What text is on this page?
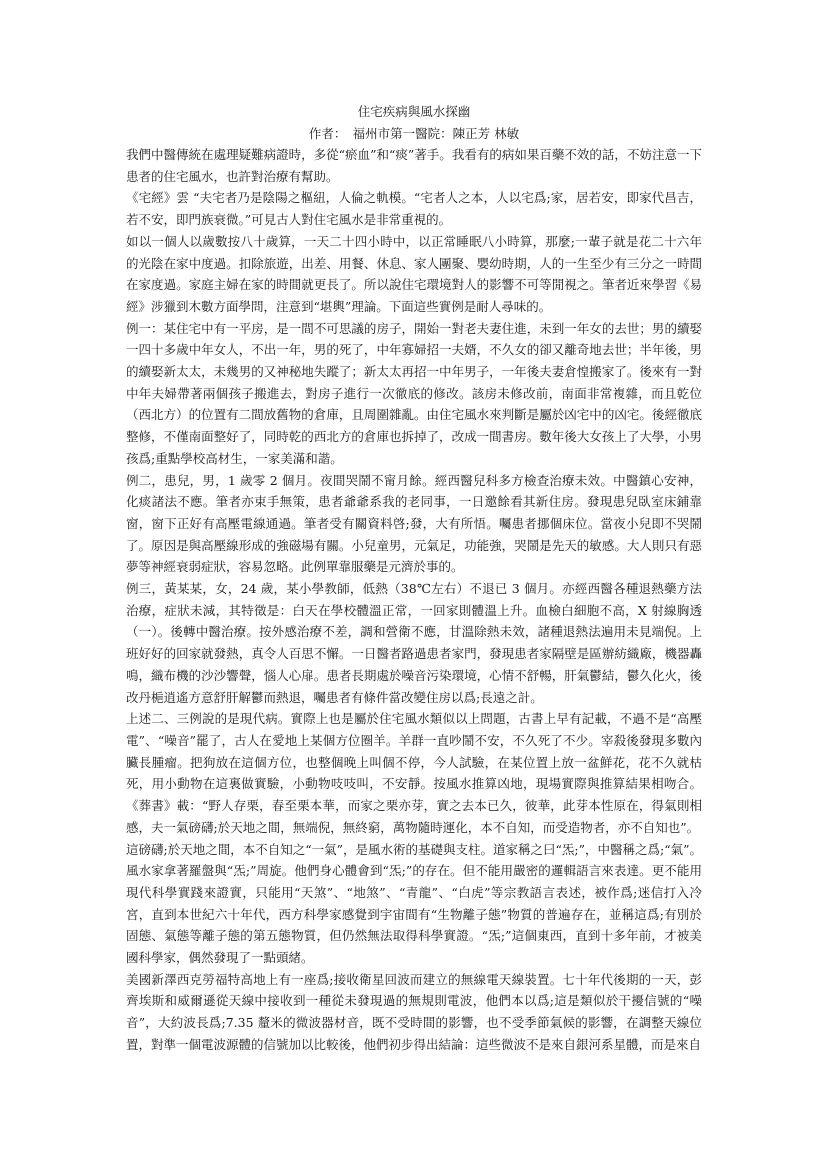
住宅疾病與風水探幽

作者：　福州市第一醫院：陳正芳 林敏

我們中醫傳統在處理疑難病證時，多從“瘀血”和“痰”著手。我看有的病如果百藥不效的話，不妨注意一下患者的住宅風水，也許對治療有幫助。

《宅經》雲 “夫宅者乃是陰陽之樞紐，人倫之軌模。“宅者人之本，人以宅爲;家，居若安，即家代昌吉，若不安，即門族衰微。”可見古人對住宅風水是非常重視的。

如以一個人以歲數按八十歲算，一天二十四小時中，以正常睡眠八小時算，那麼;一輩子就是花二十六年的光陰在家中度過。扣除旅遊，出差、用餐、休息、家人團聚、嬰幼時期，人的一生至少有三分之一時間在家度過。家庭主婦在家的時間就更長了。所以說住宅環境對人的影響不可等閒視之。筆者近來學習《易經》涉獵到木數方面學問，注意到“堪輿”理論。下面這些實例是耐人尋味的。

例一：某住宅中有一平房，是一間不可思議的房子，開始一對老夫妻住進，未到一年女的去世；男的續娶一四十多歲中年女人，不出一年，男的死了，中年寡婦招一夫婿，不久女的卻又離奇地去世；半年後，男的續娶新太太，未幾男的又神秘地失蹤了；新太太再招一中年男子，一年後夫妻倉惶搬家了。後來有一對中年夫婦帶著兩個孩子搬進去，對房子進行一次徹底的修改。該房未修改前，南面非常複雜，而且乾位（西北方）的位置有二間放舊物的倉庫，且周圍雜亂。由住宅風水來判斷是屬於凶宅中的凶宅。後經徹底整修，不僅南面整好了，同時乾的西北方的倉庫也拆掉了，改成一間書房。數年後大女孩上了大學，小男孩爲;重點學校高材生，一家美滿和諧。

例二，患兒，男，1 歲零 2 個月。夜間哭鬧不甯月餘。經西醫兒科多方檢查治療未效。中醫鎮心安神，化痰諸法不應。筆者亦束手無策，患者爺爺系我的老同事，一日邀餘看其新住房。發現患兒臥室床鋪靠窗，窗下正好有高壓電線通過。筆者受有關資料啓;發，大有所悟。囑患者挪個床位。當夜小兒即不哭鬧了。原因是與高壓線形成的強磁場有關。小兒童男，元氣足，功能強，哭鬧是先天的敏感。大人則只有惡夢等神經衰弱症狀，容易忽略。此例單靠服藥是元濟於事的。

例三，黃某某，女，24 歲，某小學教師，低熱（38℃左右）不退已 3 個月。亦經西醫各種退熱藥方法治療，症狀未減，其特徵是：白天在學校體溫正常，一回家則體溫上升。血檢白細胞不高，X 射線胸透（一）。後轉中醫治療。按外感治療不差，調和營衛不應，甘溫除熱未效，諸種退熱法遍用未見端倪。上班好好的回家就發熱，真令人百思不懈。一日醫者路過患者家門，發現患者家隔壁是區辦紡織廠，機器轟鳴，織布機的沙沙響聲，惱人心扉。患者長期處於噪音污染環境，心情不舒暢，肝氣鬱結，鬱久化火，後改丹梔逍遙方意舒肝解鬱而熱退，囑患者有條件當改變住房以爲;長遠之計。

上述二、三例說的是現代病。實際上也是屬於住宅風水類似以上問題，古書上早有記載，不過不是“高壓電”、“噪音”罷了，古人在愛地上某個方位圈羊。羊群一直吵鬧不安，不久死了不少。宰殺後發現多數內臟長腫瘤。把狗放在這個方位，也整個晚上叫個不停，今人試驗，在某位置上放一盆鮮花，花不久就枯死，用小動物在這裏做實驗，小動物吱吱叫，不安靜。按風水推算凶地，現場實際與推算結果相吻合。《葬書》載：“野人存栗，春至栗本華，而家之栗亦芽，實之去本已久，彼華，此芽本性原在，得氣則相感，夫一氣磅礴;於天地之間，無端倪，無終窮，萬物隨時運化，本不自知，而受造物者，亦不自知也”。

這磅礴;於天地之間，本不自知之“一氣”，是風水術的基礎與支柱。道家稱之曰“炁;”，中醫稱之爲;“氣”。風水家拿著羅盤與“炁;”周旋。他們身心體會到“炁;”的存在。但不能用嚴密的邏輯語言來表達。更不能用現代科學實踐來證實，只能用“天煞”、“地煞”、“青龍”、“白虎”等宗教語言表述，被作爲;迷信打入冷宮，直到本世紀六十年代，西方科學家感覺到宇宙間有“生物離子態”物質的普遍存在，並稱這爲;有別於固態、氣態等離子態的第五態物質，但仍然無法取得科學實證。“炁;”這個東西，直到十多年前，才被美國科學家，偶然發現了一點頭緒。

美國新澤西克勞福特高地上有一座爲;接收衛星回波而建立的無線電天線裝置。七十年代後期的一天，彭齊埃斯和威爾遜從天線中接收到一種從未發現過的無規則電波，他們本以爲;這是類似於干擾信號的“噪音”，大約波長爲;7.35 釐米的微波器材音，既不受時間的影響，也不受季節氣候的影響，在調整天線位置，對準一個電波源體的信號加以比較後，他們初步得出結論：這些微波不是來自銀河系星體，而是來自
